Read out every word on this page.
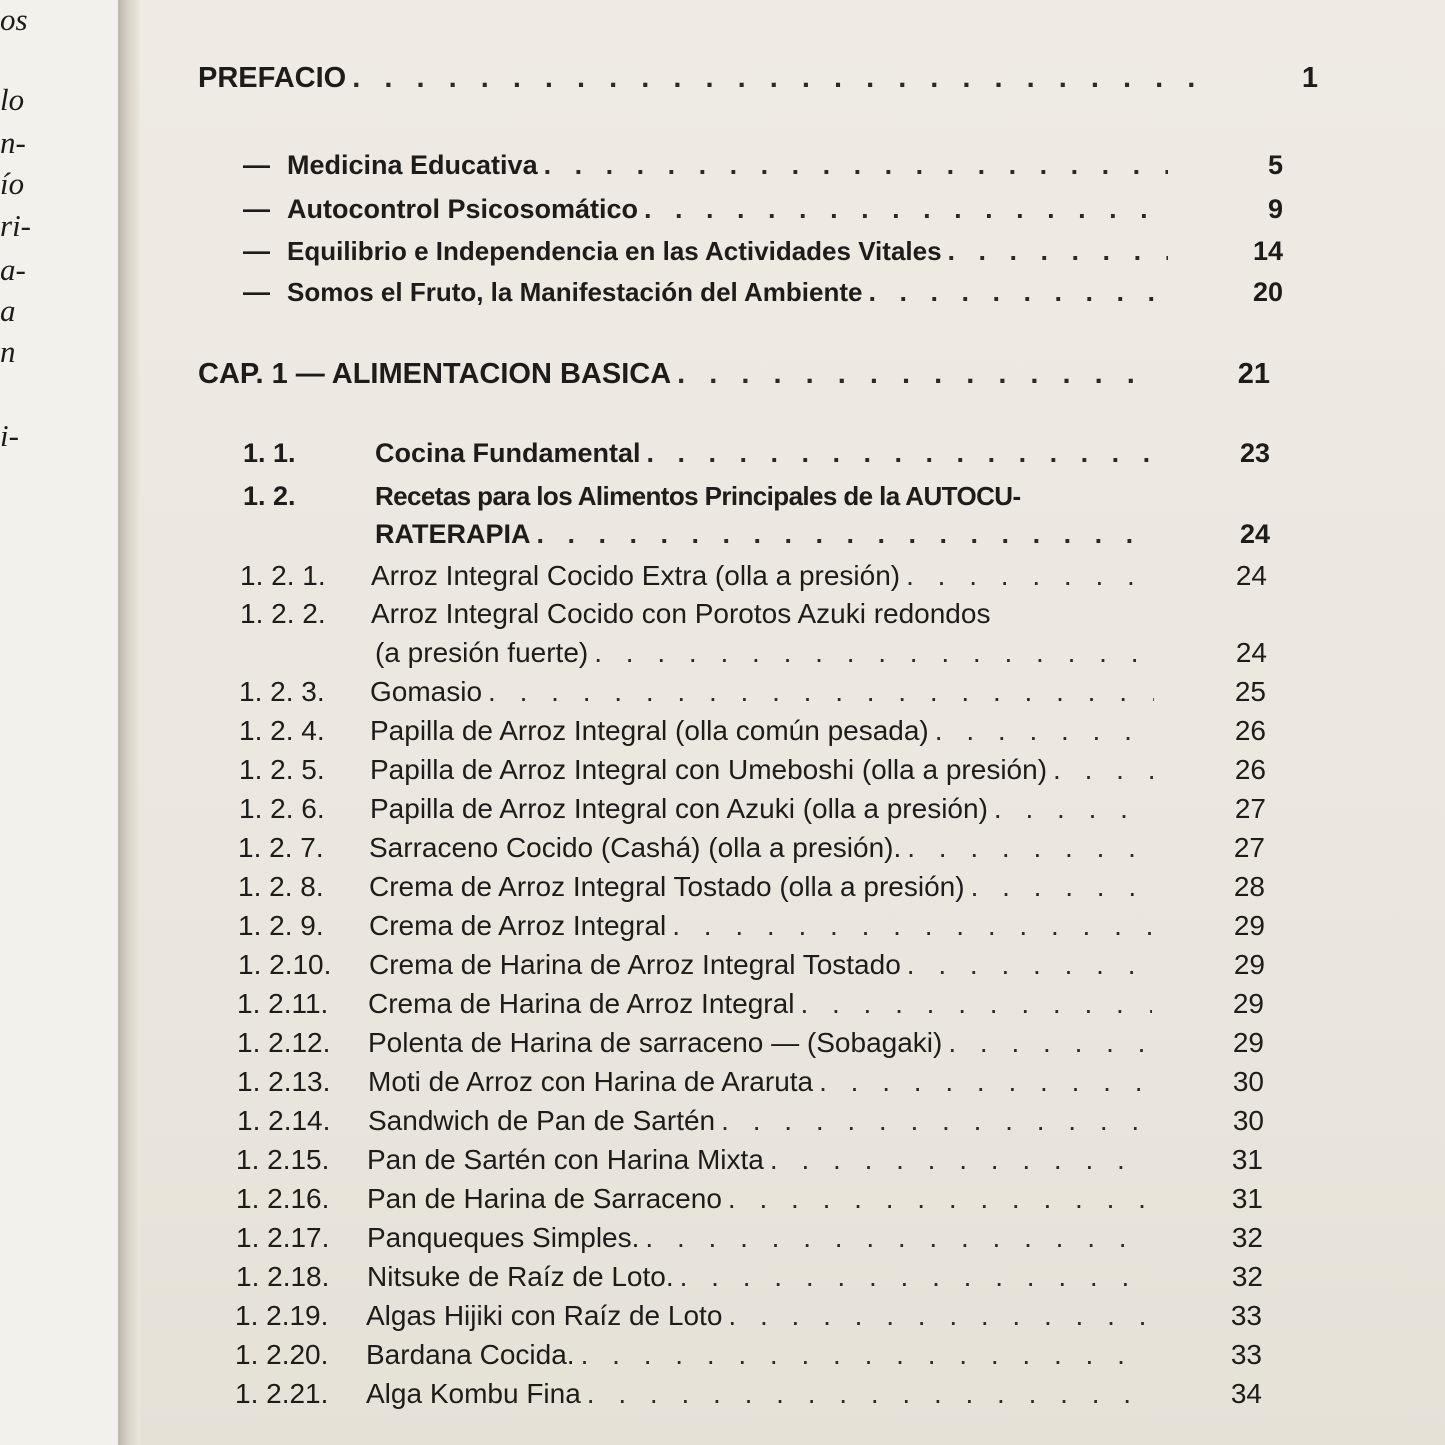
os
lo
n-
ío
ri-
a-
a
n
i-
PREFACIO . . .	1
— Medicina Educativa . . .	5
— Autocontrol Psicosomático . . .	9
— Equilibrio e Independencia en las Actividades Vitales . . .	14
— Somos el Fruto, la Manifestación del Ambiente . . .	20
CAP. 1 — ALIMENTACION BASICA . . .	21
1. 1.	Cocina Fundamental . . .	23
1. 2.	Recetas para los Alimentos Principales de la AUTOCU-
RATERAPIA . . .	24
1. 2. 1.	Arroz Integral Cocido Extra (olla a presión) . . .	24
1. 2. 2.	Arroz Integral Cocido con Porotos Azuki redondos
(a presión fuerte) . . .	24
1. 2. 3.	Gomasio . . .	25
1. 2. 4.	Papilla de Arroz Integral (olla común pesada) . . .	26
1. 2. 5.	Papilla de Arroz Integral con Umeboshi (olla a presión) . . .	26
1. 2. 6.	Papilla de Arroz Integral con Azuki (olla a presión) . . .	27
1. 2. 7.	Sarraceno Cocido (Cashá) (olla a presión). . . .	27
1. 2. 8.	Crema de Arroz Integral Tostado (olla a presión) . . .	28
1. 2. 9.	Crema de Arroz Integral . . .	29
1. 2.10.	Crema de Harina de Arroz Integral Tostado . . .	29
1. 2.11.	Crema de Harina de Arroz Integral . . .	29
1. 2.12.	Polenta de Harina de sarraceno — (Sobagaki) . . .	29
1. 2.13.	Moti de Arroz con Harina de Araruta . . .	30
1. 2.14.	Sandwich de Pan de Sartén . . .	30
1. 2.15.	Pan de Sartén con Harina Mixta . . .	31
1. 2.16.	Pan de Harina de Sarraceno . . .	31
1. 2.17.	Panqueques Simples. . . .	32
1. 2.18.	Nitsuke de Raíz de Loto. . . .	32
1. 2.19.	Algas Hijiki con Raíz de Loto . . .	33
1. 2.20.	Bardana Cocida. . . .	33
1. 2.21.	Alga Kombu Fina . . .	34
